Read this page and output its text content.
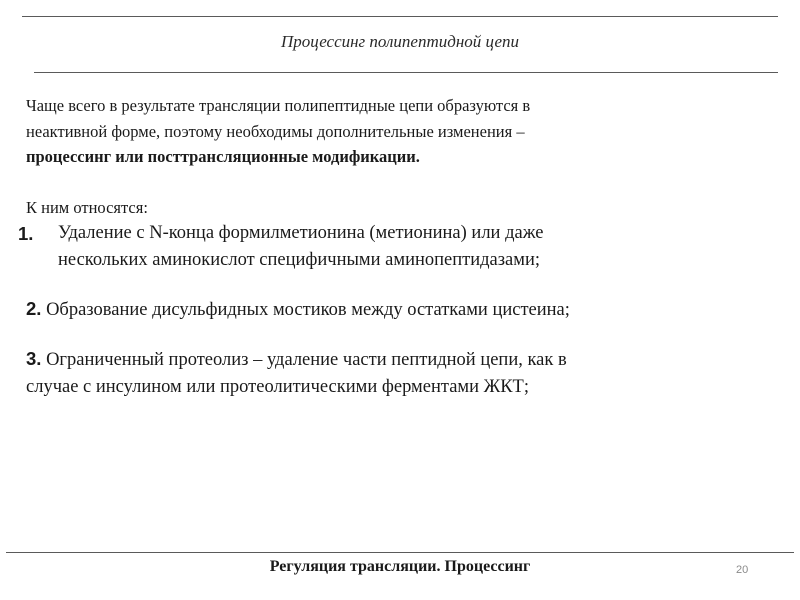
Процессинг полипептидной цепи

Чаще всего в результате трансляции полипептидные цепи образуются в

неактивной форме, поэтому необходимы дополнительные изменения –

процессинг или посттрансляционные модификации.

К ним относятся:

1. Удаление с N-конца формилметионина (метионина) или даже
нескольких аминокислот специфичными аминопептидазами;
2. Образование дисульфидных мостиков между остатками цистеина;
3. Ограниченный протеолиз – удаление части пептидной цепи, как в
случае с инсулином или протеолитическими ферментами ЖКТ;
Регуляция трансляции. Процессинг	20
